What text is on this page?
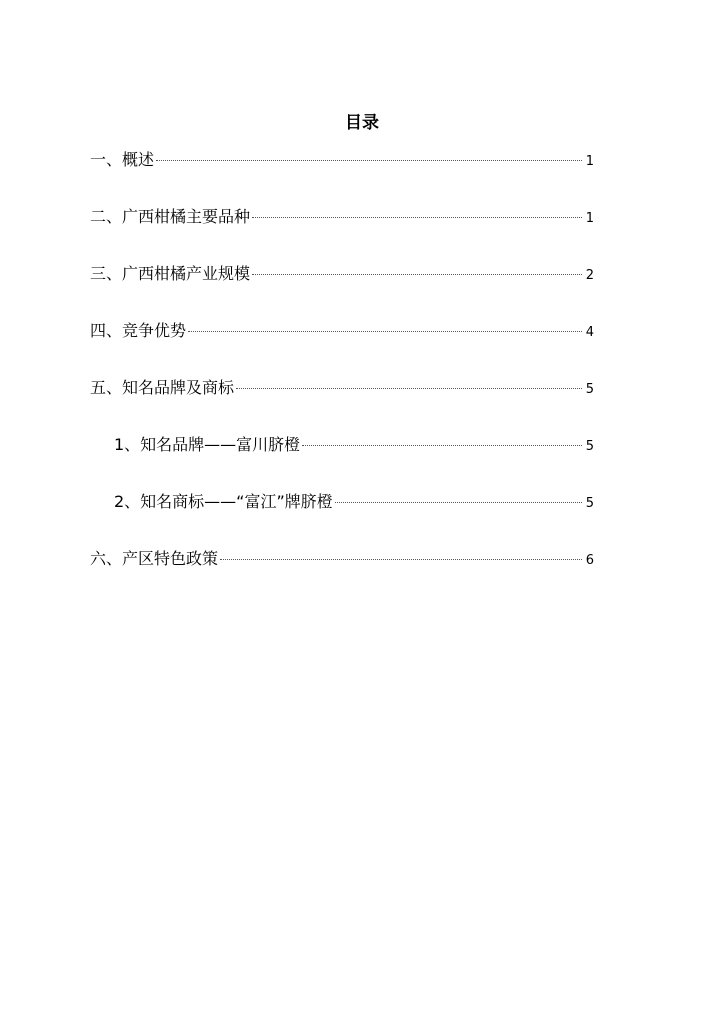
目录
一、概述	1
二、广西柑橘主要品种	1
三、广西柑橘产业规模	2
四、竞争优势	4
五、知名品牌及商标	5
1、知名品牌——富川脐橙	5
2、知名商标——“富江”牌脐橙	5
六、产区特色政策	6
